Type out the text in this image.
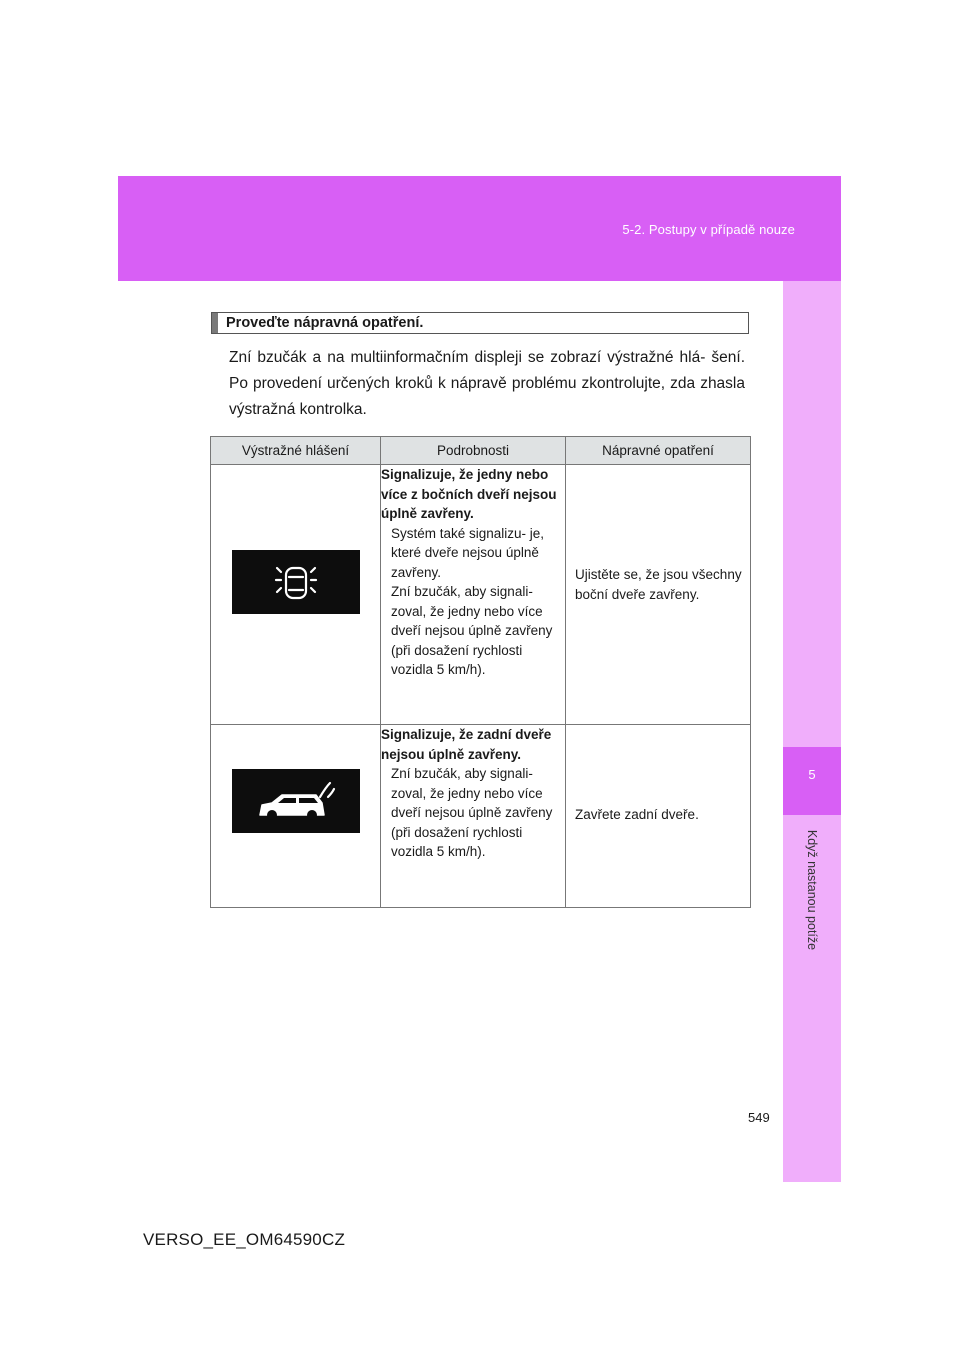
5-2. Postupy v případě nouze
5
Když nastanou potíže
Proveďte nápravná opatření.
Zní bzučák a na multiinformačním displeji se zobrazí výstražné hlá- šení. Po provedení určených kroků k nápravě problému zkontrolujte, zda zhasla výstražná kontrolka.
Výstražné hlášení	Podrobnosti	Nápravné opatření

Signalizuje, že jedny nebo více z bočních dveří nejsou úplně zavřeny.
Systém také signalizu- je, které dveře nejsou úplně zavřeny.
Zní bzučák, aby signali- zoval, že jedny nebo více dveří nejsou úplně zavřeny (při dosažení rychlosti vozidla 5 km/h).	Ujistěte se, že jsou všechny boční dveře zavřeny.

Signalizuje, že zadní dveře nejsou úplně zavřeny.
Zní bzučák, aby signali- zoval, že jedny nebo více dveří nejsou úplně zavřeny (při dosažení rychlosti vozidla 5 km/h).	Zavřete zadní dveře.
549
VERSO_EE_OM64590CZ
